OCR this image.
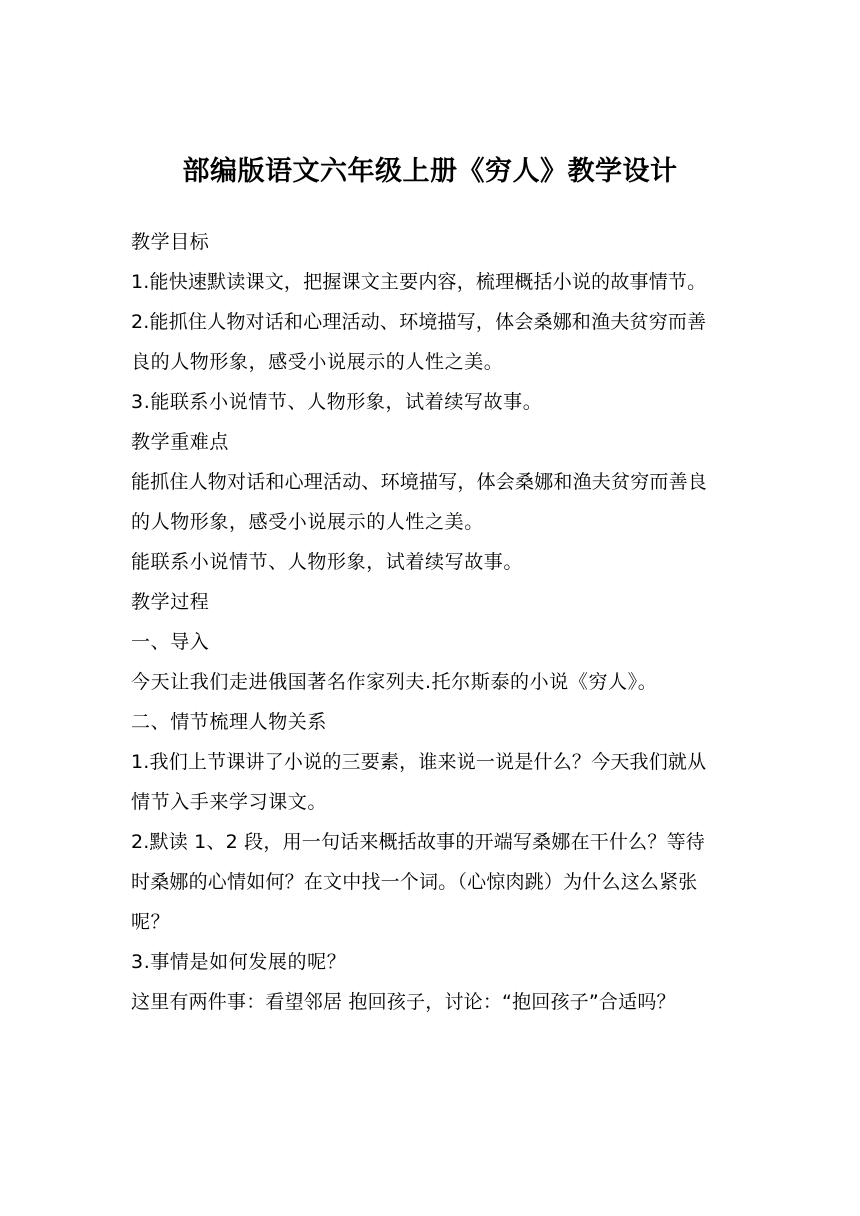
部编版语文六年级上册《穷人》教学设计
教学目标
1.能快速默读课文，把握课文主要内容，梳理概括小说的故事情节。
2.能抓住人物对话和心理活动、环境描写，体会桑娜和渔夫贫穷而善
良的人物形象，感受小说展示的人性之美。
3.能联系小说情节、人物形象，试着续写故事。
教学重难点
能抓住人物对话和心理活动、环境描写，体会桑娜和渔夫贫穷而善良
的人物形象，感受小说展示的人性之美。
能联系小说情节、人物形象，试着续写故事。
教学过程
一、导入
今天让我们走进俄国著名作家列夫.托尔斯泰的小说《穷人》。
二、情节梳理人物关系
1.我们上节课讲了小说的三要素，谁来说一说是什么？今天我们就从
情节入手来学习课文。
2.默读 1、2 段，用一句话来概括故事的开端写桑娜在干什么？等待
时桑娜的心情如何？在文中找一个词。（心惊肉跳）为什么这么紧张
呢？
3.事情是如何发展的呢？
这里有两件事：看望邻居 抱回孩子，讨论：“抱回孩子”合适吗？
